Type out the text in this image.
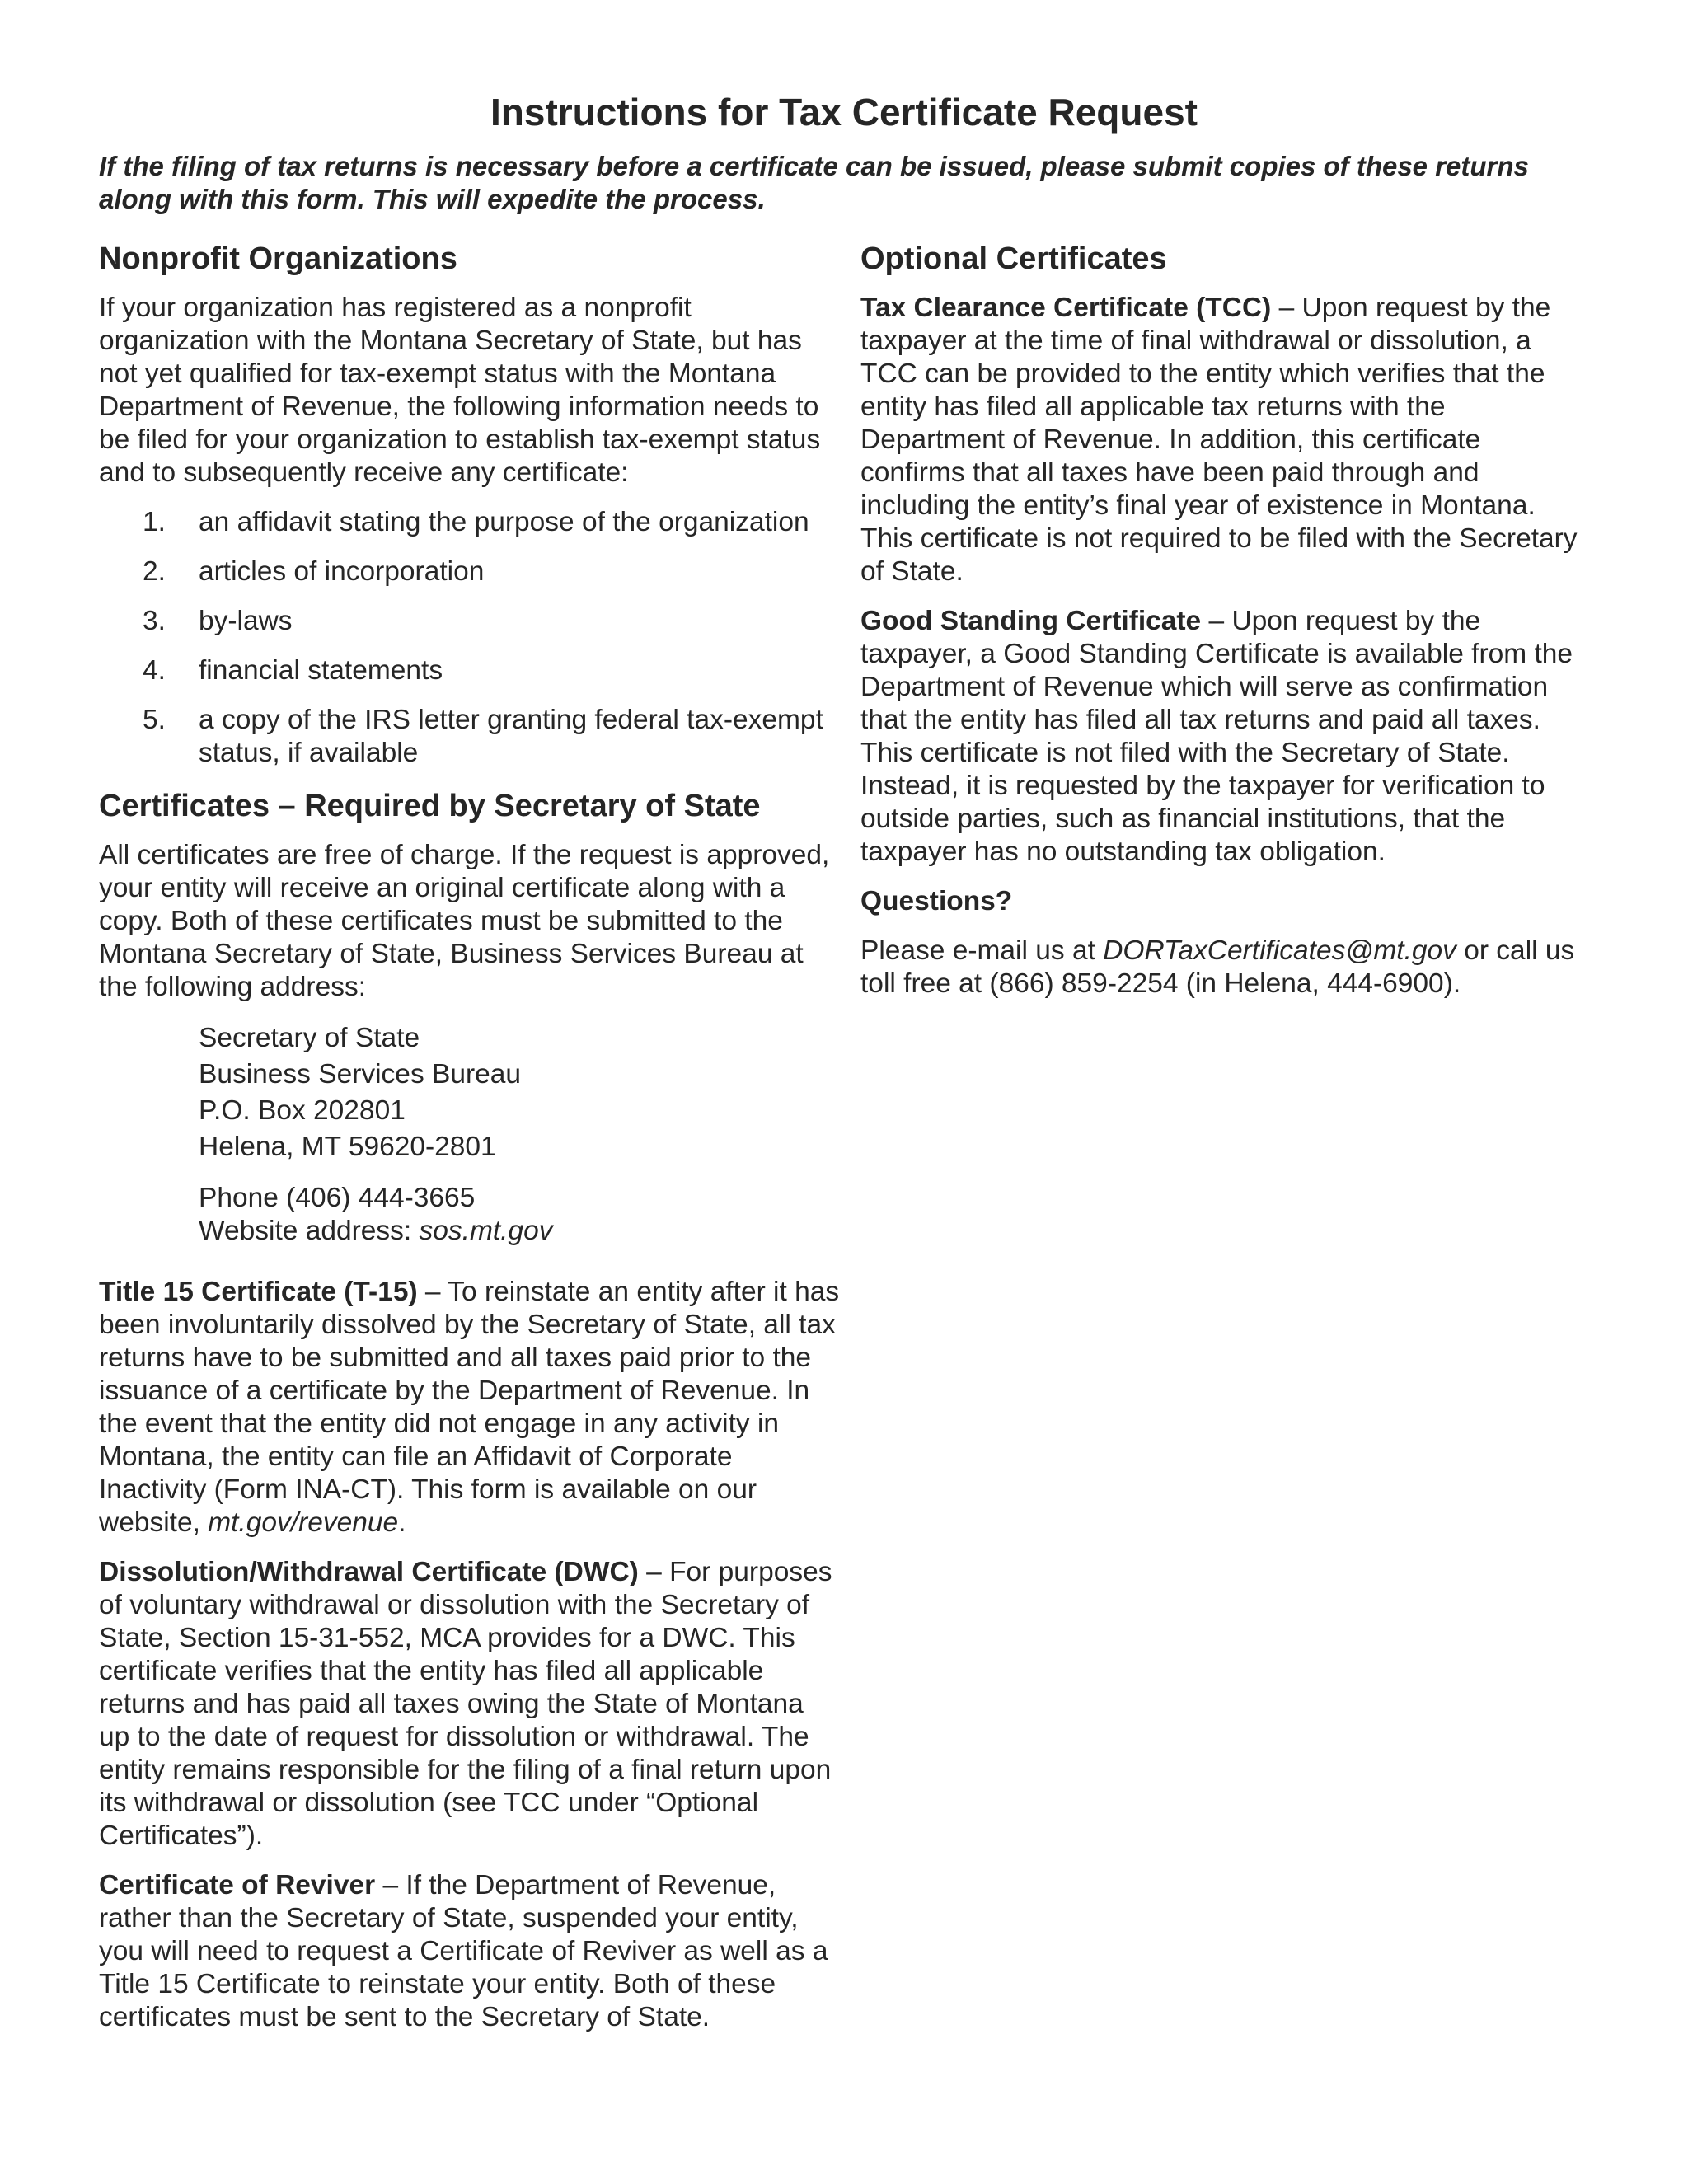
Instructions for Tax Certificate Request

If the filing of tax returns is necessary before a certificate can be issued, please submit copies of these returns along with this form. This will expedite the process.

Nonprofit Organizations

If your organization has registered as a nonprofit organization with the Montana Secretary of State, but has not yet qualified for tax-exempt status with the Montana Department of Revenue, the following information needs to be filed for your organization to establish tax-exempt status and to subsequently receive any certificate:

1. an affidavit stating the purpose of the organization
2. articles of incorporation
3. by-laws
4. financial statements
5. a copy of the IRS letter granting federal tax-exempt status, if available
Certificates – Required by Secretary of State

All certificates are free of charge. If the request is approved, your entity will receive an original certificate along with a copy. Both of these certificates must be submitted to the Montana Secretary of State, Business Services Bureau at the following address:

Secretary of State
Business Services Bureau
P.O. Box 202801
Helena, MT 59620-2801
Phone (406) 444-3665
Website address: sos.mt.gov

Title 15 Certificate (T-15) – To reinstate an entity after it has been involuntarily dissolved by the Secretary of State, all tax returns have to be submitted and all taxes paid prior to the issuance of a certificate by the Department of Revenue. In the event that the entity did not engage in any activity in Montana, the entity can file an Affidavit of Corporate Inactivity (Form INA-CT). This form is available on our website, mt.gov/revenue.

Dissolution/Withdrawal Certificate (DWC) – For purposes of voluntary withdrawal or dissolution with the Secretary of State, Section 15-31-552, MCA provides for a DWC. This certificate verifies that the entity has filed all applicable returns and has paid all taxes owing the State of Montana up to the date of request for dissolution or withdrawal. The entity remains responsible for the filing of a final return upon its withdrawal or dissolution (see TCC under “Optional Certificates”).

Certificate of Reviver – If the Department of Revenue, rather than the Secretary of State, suspended your entity, you will need to request a Certificate of Reviver as well as a Title 15 Certificate to reinstate your entity. Both of these certificates must be sent to the Secretary of State.

Optional Certificates

Tax Clearance Certificate (TCC) – Upon request by the taxpayer at the time of final withdrawal or dissolution, a TCC can be provided to the entity which verifies that the entity has filed all applicable tax returns with the Department of Revenue. In addition, this certificate confirms that all taxes have been paid through and including the entity’s final year of existence in Montana. This certificate is not required to be filed with the Secretary of State.

Good Standing Certificate – Upon request by the taxpayer, a Good Standing Certificate is available from the Department of Revenue which will serve as confirmation that the entity has filed all tax returns and paid all taxes. This certificate is not filed with the Secretary of State. Instead, it is requested by the taxpayer for verification to outside parties, such as financial institutions, that the taxpayer has no outstanding tax obligation.

Questions?

Please e-mail us at DORTaxCertificates@mt.gov or call us toll free at (866) 859-2254 (in Helena, 444-6900).
